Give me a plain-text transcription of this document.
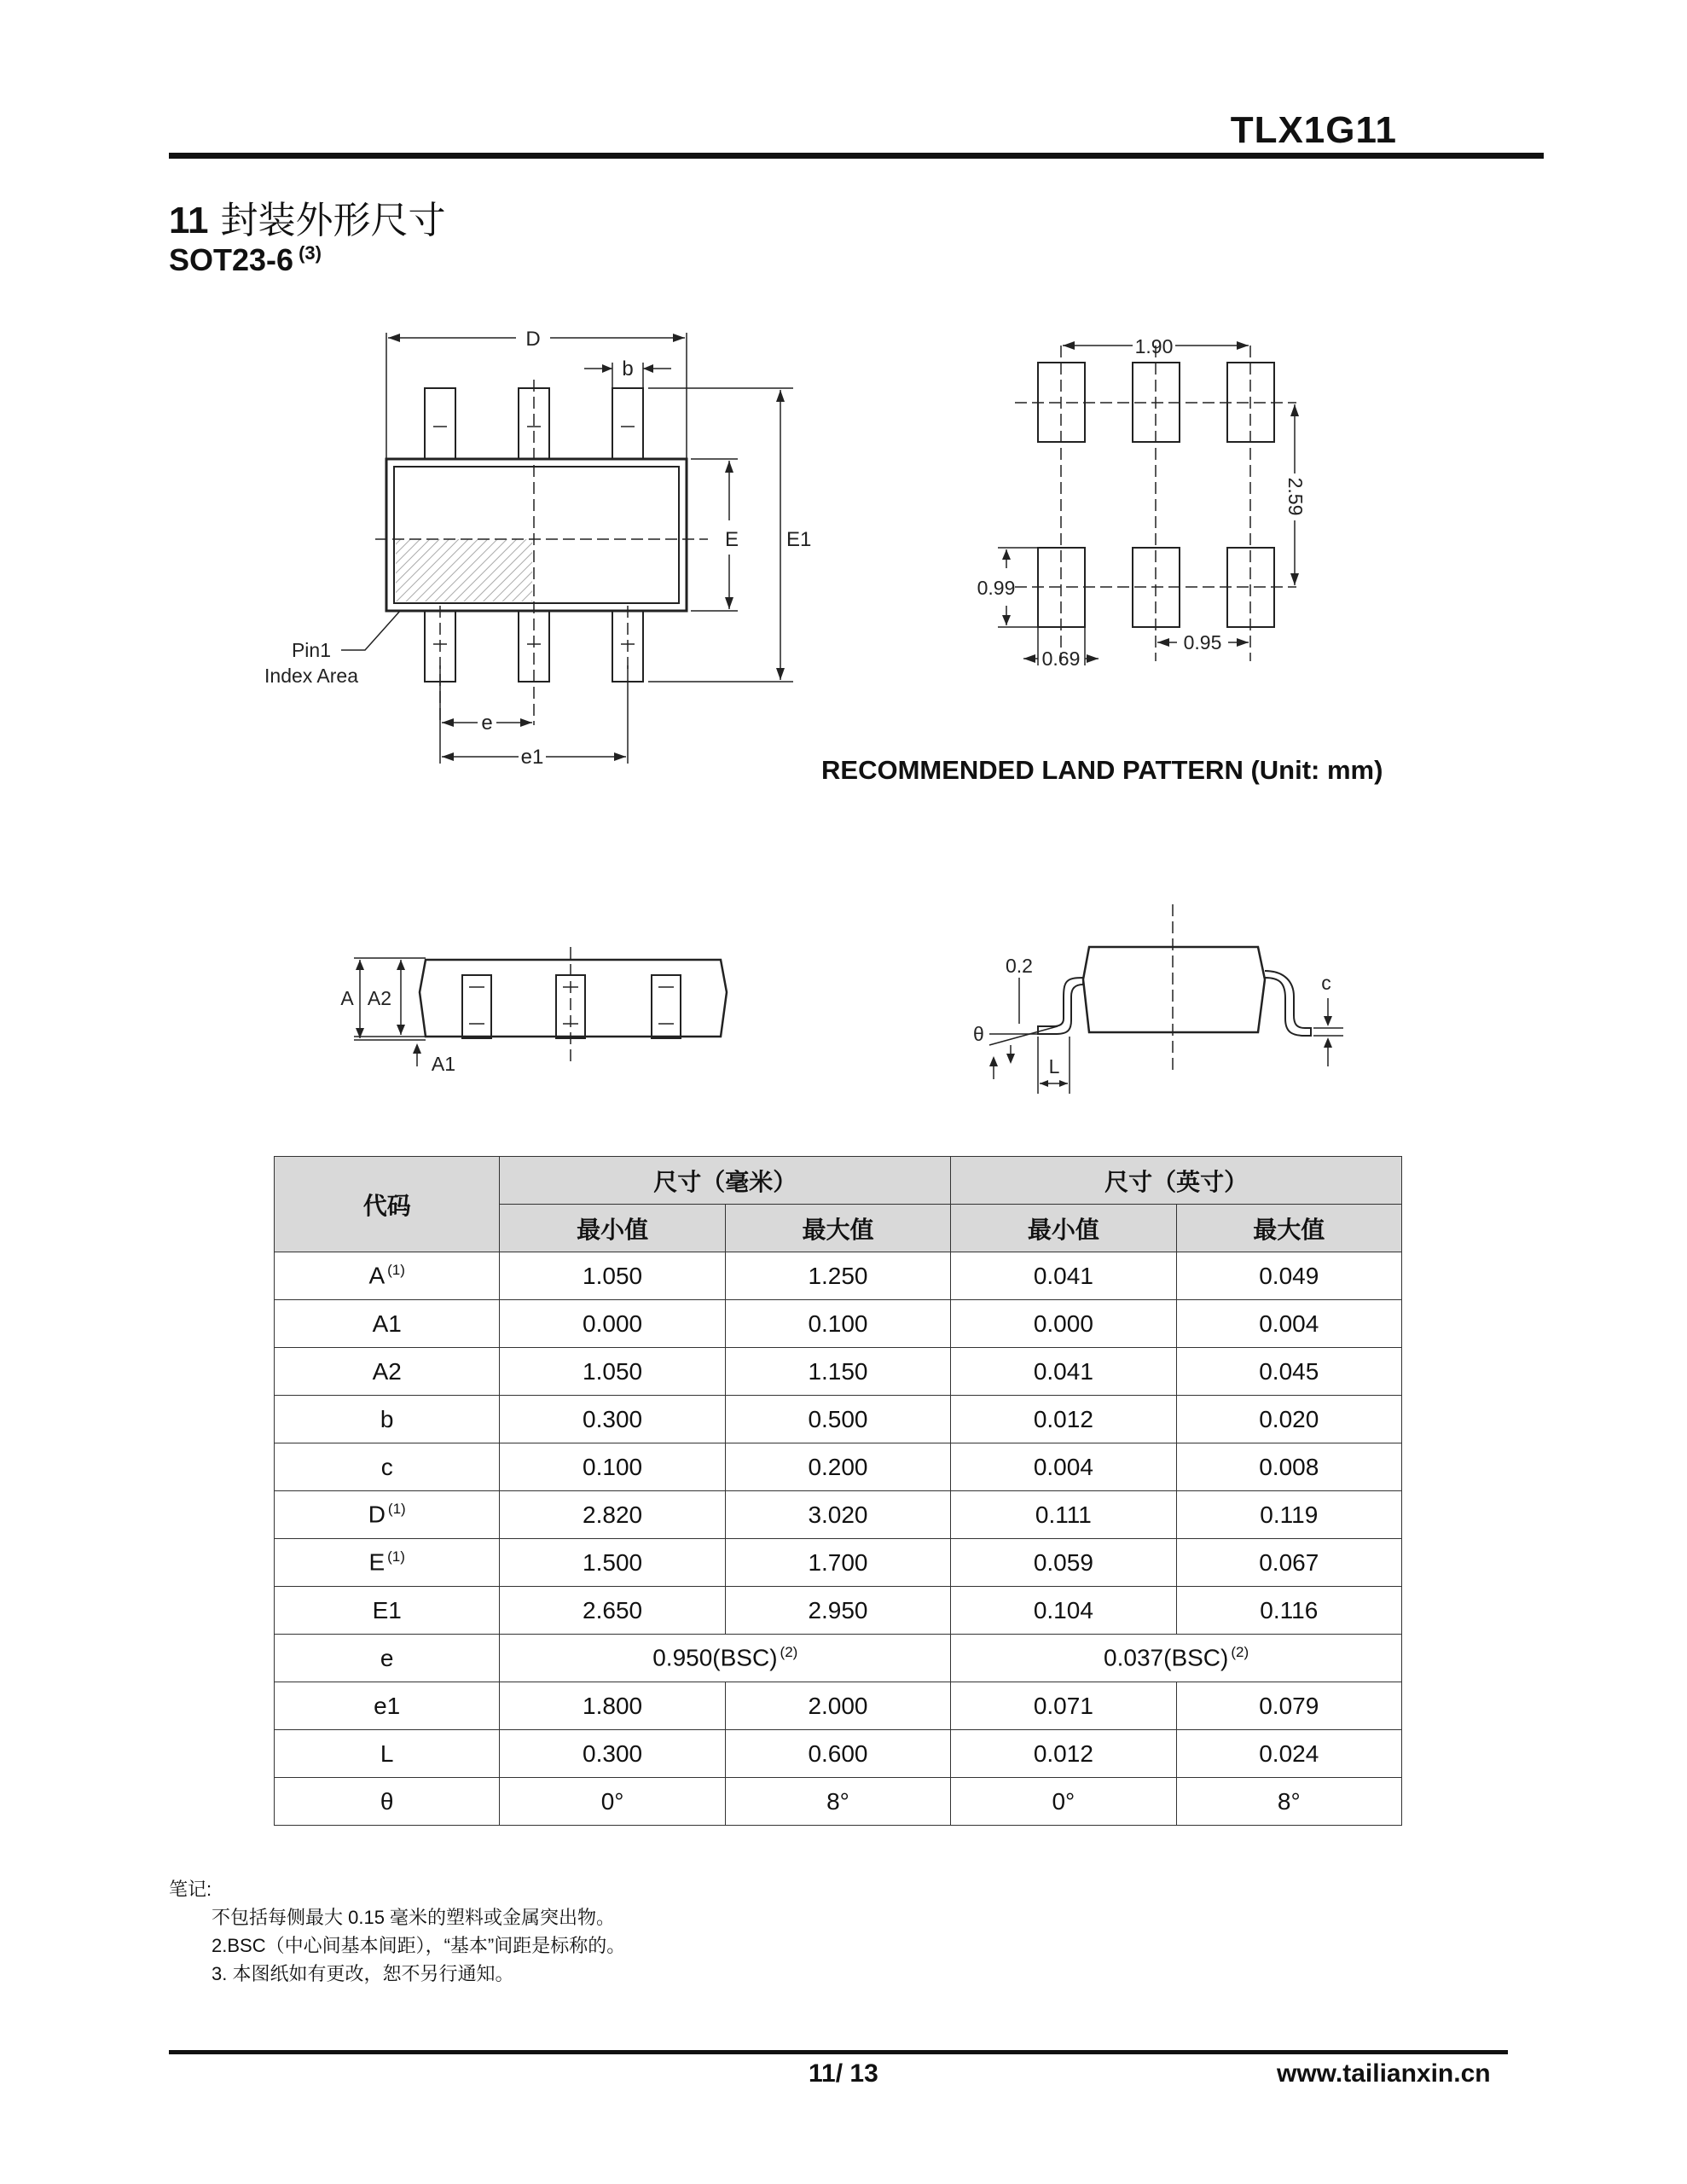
TLX1G11
11 封装外形尺寸
SOT23-6 $^{(3)}$
D
b
E E1
e
e1
Pin1
Index Area
1.90
2.59
0.99
0.69
0.95
RECOMMENDED LAND PATTERN (Unit: mm)
A A2
A1
0.2
θ
L
c
代码	尺寸（毫米）		尺寸（英寸）	
	最小值	最大值	最小值	最大值
A $^{(1)}$	1.050	1.250	0.041	0.049
A1	0.000	0.100	0.000	0.004
A2	1.050	1.150	0.041	0.045
b	0.300	0.500	0.012	0.020
c	0.100	0.200	0.004	0.008
D $^{(1)}$	2.820	3.020	0.111	0.119
E $^{(1)}$	1.500	1.700	0.059	0.067
E1	2.650	2.950	0.104	0.116
e	0.950(BSC) $^{(2)}$		0.037(BSC) $^{(2)}$
e1	1.800	2.000	0.071	0.079
L	0.300	0.600	0.012	0.024
θ	0°	8°	0°	8°
笔记:
不包括每侧最大 0.15 毫米的塑料或金属突出物。
2.BSC（中心间基本间距），“基本”间距是标称的。
3. 本图纸如有更改，恕不另行通知。
11/ 13	www.tailianxin.cn
